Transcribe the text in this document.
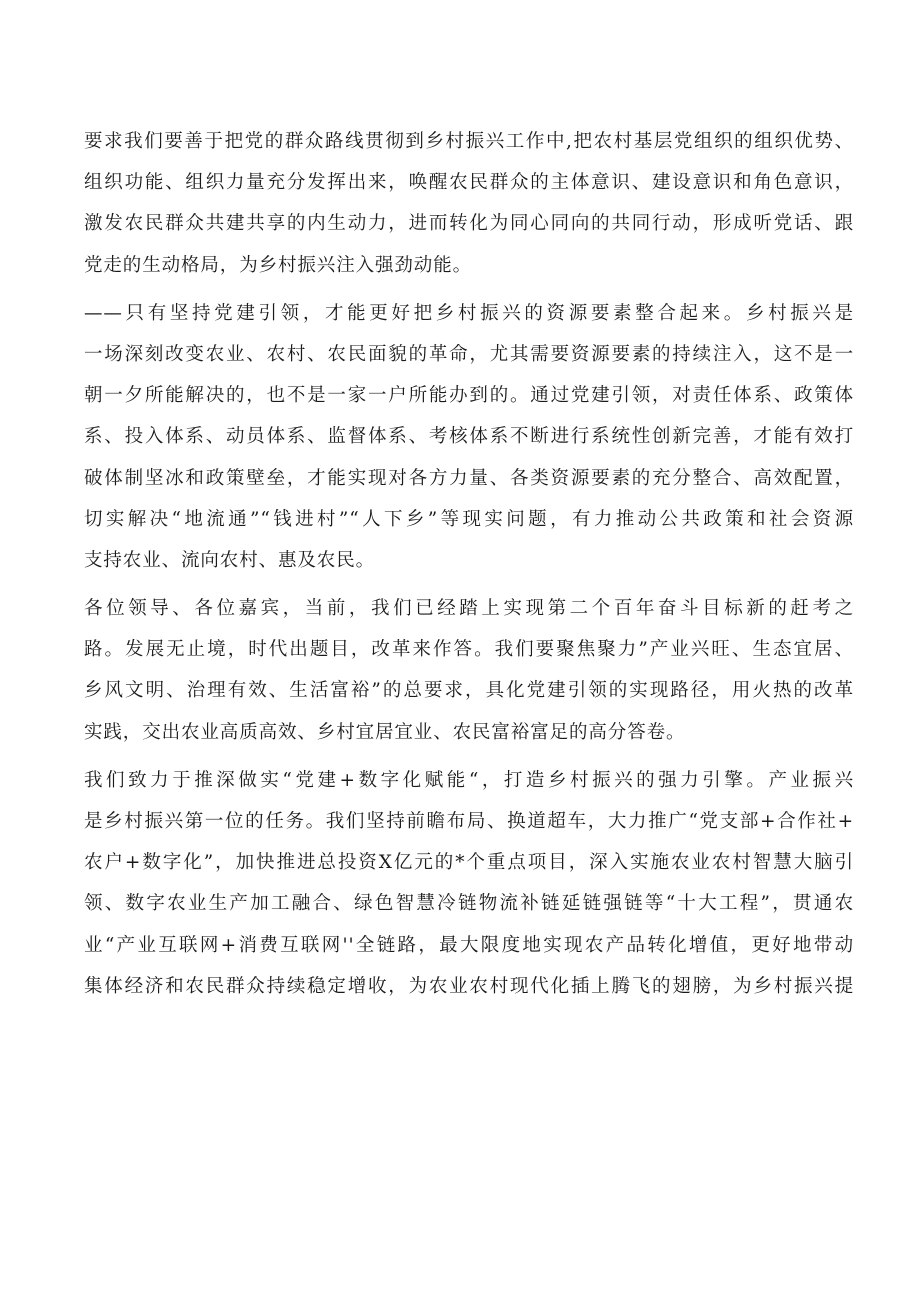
要求我们要善于把党的群众路线贯彻到乡村振兴工作中,把农村基层党组织的组织优势、
组织功能、组织力量充分发挥出来，唤醒农民群众的主体意识、建设意识和角色意识，
激发农民群众共建共享的内生动力，进而转化为同心同向的共同行动，形成听党话、跟
党走的生动格局，为乡村振兴注入强劲动能。
——只有坚持党建引领，才能更好把乡村振兴的资源要素整合起来。乡村振兴是
一场深刻改变农业、农村、农民面貌的革命，尤其需要资源要素的持续注入，这不是一
朝一夕所能解决的，也不是一家一户所能办到的。通过党建引领，对责任体系、政策体
系、投入体系、动员体系、监督体系、考核体系不断进行系统性创新完善，才能有效打
破体制坚冰和政策壁垒，才能实现对各方力量、各类资源要素的充分整合、高效配置，
切实解决“地流通”“钱进村”“人下乡”等现实问题，有力推动公共政策和社会资源
支持农业、流向农村、惠及农民。
各位领导、各位嘉宾，当前，我们已经踏上实现第二个百年奋斗目标新的赶考之
路。发展无止境，时代出题目，改革来作答。我们要聚焦聚力”产业兴旺、生态宜居、
乡风文明、治理有效、生活富裕”的总要求，具化党建引领的实现路径，用火热的改革
实践，交出农业高质高效、乡村宜居宜业、农民富裕富足的高分答卷。
我们致力于推深做实“党建+数字化赋能“，打造乡村振兴的强力引擎。产业振兴
是乡村振兴第一位的任务。我们坚持前瞻布局、换道超车，大力推广“党支部+合作社+
农户+数字化”，加快推进总投资X亿元的*个重点项目，深入实施农业农村智慧大脑引
领、数字农业生产加工融合、绿色智慧冷链物流补链延链强链等“十大工程”，贯通农
业“产业互联网+消费互联网''全链路，最大限度地实现农产品转化增值，更好地带动
集体经济和农民群众持续稳定增收，为农业农村现代化插上腾飞的翅膀，为乡村振兴提
